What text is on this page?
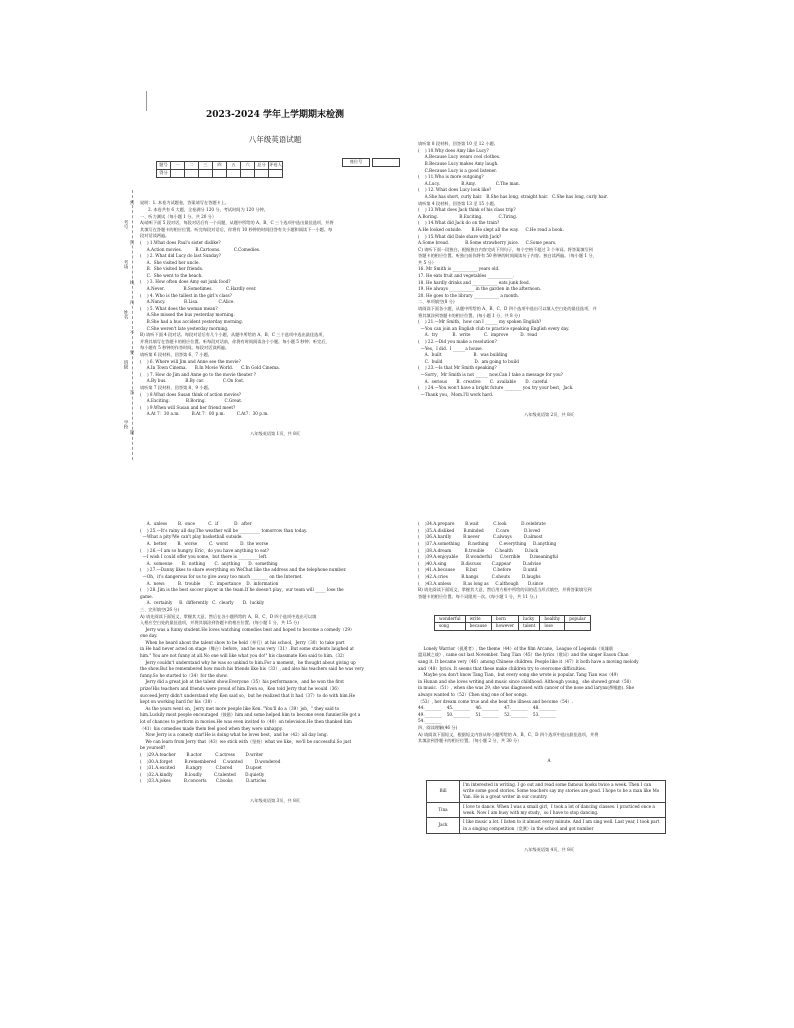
学校
班级
姓名
考场
考号
密
封
线
内
不
要
答
题

2023-2024 学年上学期期末检测

八年级英语试题

题号	一	二	三	四	五	六	总分	评卷人
得分								

座位号	

说明：1. 本卷为试题卷，答案请写在答题卡上。
2. 本卷共有 6 大题，全卷满分 120 分，考试时间为 120 分钟。
一、听力测试（每小题 1 分，共 20 分）
A)请听下面 5 段对话，每段对话后有一个问题，从题中所给的 A、B、C 三个选项中选出最佳选项，并将
其填写在答题卡的相应位置。听完每段对话后，你将有 10 秒钟的时间回答有关小题和阅读下一小题。每
段对话读两遍。
(    ) 1.What does Paul's sister dislike?
A.Action movies.          B.Cartoons.          C.Comedies.
(    ) 2. What did Lucy do last Sunday?
A.  She visited her uncle.
B.  She visited her friends.
C.  She went to the beach.
(    ) 3. How often does Amy eat junk food?
A.Never.              B.Sometimes.          C.Hardly ever.
(    ) 4. Who is the tallest in the girl's class?
A.Nancy.              B.Lisa.               C.Alice.
(    ) 5. What does the woman mean?
A.She missed the bus yesterday morning.
B.She had a bus accident yesterday morning.
C.She weren't late yesterday morning.
B) 请听下面 4 段对话。每段对话后有几个小题，从题中所给的 A、B、C 三个选项中选出最佳选项，
并将其填写在答题卡的相应位置。听每段对话前，你将有时间阅读各个小题，每小题 5 秒钟；听完后，
每小题有 5 秒钟的作答时间。每段对话读两遍。
请听第 6 段材料，回答第 6、7 小题。
(    ) 6. Where will Jim and Anne see the movie?
A.In Town Cinema.      B.In Movie World.      C.In Gold Cinema.
(    ) 7. How do Jim and Anne go to the movie theater ?
A.By bus.              B.By car.              C.On foot.
请听第 7 段材料，回答第 8、9 小题。
(    ) 8.What does Susan think of action movies?
A.Exciting.            B.Boring.              C.Great.
(    ) 9.When will Susan and her friend meet?
A.At 7：30 a.m.         B.At 7：00 p.m.         C.At7：30 p.m.

八年级英语第 1页，共 8页

请听第 8 段材料，回答第 10 至 12 小题。
(    ) 10.Why does Amy like Lucy?
A.Because Lucy wears cool clothes.
B.Because Lucy makes Amy laugh.
C.Because Lucy is a good listener.
(    ) 11.Who is more outgoing?
A.Lucy.                B.Amy.               C.The man.
(    ) 12. What does Lucy look like?
A.She has short, curly hair.   B.She has long, straight hair.   C.She has long, curly hair.
请听第 4 段材料，回答第 13 至 15 小题。
(    ) 13.What does Jack think of his class trip?
A.Boring.                B.Exciting.            C.Tiring.
(    ) 14.What did Jack do on the train?
A.He looked outside.       B.He slept all the way.     C.He read a book.
(    ) 15.What did Dale share with Jack?
A.Some bread.            B.Some strawberry juice.     C.Some pears.
C) 请听下面一段独白，根据独白内容完成下列句子，每个空格不超过 3 个单词。将答案填写到
答题卡的相应位置。听独白前你将有 50 秒钟的时间阅读句子内容。独白读两遍。（每小题 1 分，
共 5 分）
16. Mr Smith is ____________ years old.
17. He eats fruit and vegetables ____________.
18. He hardly drinks and ____________ eats junk food.
19. He always ____________ in the garden in the afternoon.
20. He goes to the library ____________ a month.
二、单项填空(8 分)
请阅读下面各小题，从题中所给的 A、B、C、D 四个选项中选出可以填入空白处的最佳选项，并
将其填涂到答题卡的相应位置。(每小题 1 分，共 8 分)
(    ) 21.—Mr Smith，how can I ______ my spoken English?
—You can join an English club to practice speaking English every day.
A.  try           B.  write          C.  improve         D.  read
(    ) 22.—Did you make a resolution?
—Yes，I did.  I ______a house.
A.  built                        B.  was building
C.  build                        D.  am going to build
(    ) 23.—Is that Mr Smith speaking?
—Sorry，Mr Smith is not ______ now.Can I take a message for you?
A.  serious       B.  creative       C.  available       D.  careful
(    ) 24.—You won't have a bright future ________ you try your best，Jack.
—Thank you，Mom.I'll work hard.

八年级英语第 2页，共 8页

A.  unless        B.  once          C.  if            D.  after
(    ) 25.—It's rainy all day.The weather will be __________ tomorrow than today.
—What a pity!We can't play basketball outside.
A.  better        B.  worse         C.  worst         D.  the worse
(    ) 26.—I am so hungry. Eric，do you have anything to eat?
—I wish I could offer you some，but there is __________left.
A.  someone       B.  nothing       C.  anything      D.  something
(    ) 27.—Danny likes to share everything on WeChat like the address and the telephone number.
—Oh，it's dangerous for us to give away too much ________ on the Internet.
A.  news          B.  trouble       C.  importance    D.  information
(    ) 28. Jim is the best soccer player in the team.If he doesn't play，our team will _____ lose the
game.
A.  certainly     B.  differently   C.  clearly       D.  luckily
三、完形填空(26 分)
A) 请先阅读下面短文，掌握其大意，然后在各小题所给的 A、B、C、D 四个选项中选出可以填
入相应空白处的最佳选项，并将其填涂到答题卡的相应位置。(每小题 1 分，共 15 分)
Jerry was a funny student.He loves watching comedies best and hoped to become a comedy（29）
one day.
When he heard about the talent show to be held（举行）at his school，Jerry（30）to take part
in He had never acted on stage（舞台）before，and he was very（31）.But some students laughed at
him." You are not funny at all.No one will like what you do!" his classmate Ken said to him.（32）
Jerry couldn't understand why he was so unkind to him.For a moment，he thought about giving up
the show.But he remembered how much his friends like his（33）, and also his teachers said he was very
funny.So he started to（34）for the show.
Jerry did a great job at the talent show.Everyone（35）his performance，and he won the first
prize!His teachers and friends were proud of him.Even so，Ken told Jerry that he would（36）
succeed.Jerry didn't understand why Ken said so，but he realized that it had（37）to do with him.He
kept on working hard for his（38）.
As the years went on，Jerry met more people like Ken. "You'll do a（39）job，" they said to
him.Luckily most people encouraged（鼓励）him and some helped him to become even funnier.He got a
lot of chances to perform in movies.He was even invited to（40）on television.He then thanked him
（41）his comedies made them feel good when they were unhappy.
Now Jerry is a comedy star!He is doing what he loves best，and he（42）all day long.
We can learn from Jerry that（43）we stick with（坚持）what we like，we'll be successful.So just
be yourself!
(    )29.A.teacher        B.actor          C.actress        D.writer
(    )30.A.forget         B.remembered     C.wanted         D.wondered
(    )31.A.excited        B.angry          C.bored          D.upset
(    )32.A.kindly         B.loudly         C.talented       D.quietly
(    )33.A.jokes          B.concerts       C.books          D.articles

八年级英语第 3页，共 8页

(    )34.A.prepare        B.wait           C.look           D.celebrate
(    )35.A.disliked       B.minded         C.care           D.loved
(    )36.A.hardly         B.never          C.always         D.almost
(    )37.A.something      B.nothing        C.everything     D.anything
(    )38.A.dream          B.trouble        C.health         D.luck
(    )39.A.enjoyable      B.wonderful      C.terrible       D.meaningful
(    )40.A.sing           B.discuss        C.appear         D.advise
(    )41.A.because        B.but            C.before         D.until
(    )42.A.cries          B.hangs          C.shouts         D.laughs
(    )43.A.unless         B.as long as     C.although       D.since
B) 请先阅读下面短文，掌握其大意，然后用方框中所给的词的适当形式填空，并将答案填写到
答题卡的相应位置。每个词限用一次。(每小题 1 分，共 11 分。)

wonderful	write	born	lucky	healthy	popular
song	because	however	talent	lose	

Lonely Warrior（孤勇者）, the theme（44）of the film Arcane，League of Legends《英雄联
盟双城之战》, came out last November. Tang Tian（45）the lyrics（歌词）and the singer Eason Chan
sang it. It became very（46）among Chinese children. People like it（47）it both have a moving melody
and（48）lyrics. It seems that these make children try to overcome difficulties.
Maybe you don't know Tang Tian，but every song she wrote is popular. Tang Tian was（49）
in Hunan and she loves writing and music since childhood. Although young，she showed great（50）
in music.（51）, when she was 29, she was diagnosed with cancer of the nose and larynx(鼻喉癌). She
always wanted to（52）Chen sing one of her songs.
（53）, her dream come true and she beat the illness and become（54）.
44.________    45.________    46.________    47.________    48.________
49.________    50.________    51.________    52.________    53.________
54.________
四、阅读理解(46 分)
A) 请阅读下面短文，根据短文内容从每小题所给的 A、B、C、D 四个选项中选出最佳选项，并将
其填涂到答题卡的相应位置。（每小题 2 分，共 30 分）

A

Bill	I'm interested in writing. I go out and read some famous books twice a week. Then I can write some good stories. Some teachers say my stories are good. I hope to be a man like Mo Yan. He is a great writer in our country.
Tina	I love to dance. When I was a small girl，I took a lot of dancing classes. I practiced once a week. Now I am busy with my study，so I have to stop dancing.
Jack	I like music a lot. I listen to it almost every minute. And I am sing well. Last year, I took part in a singing competition（竞赛）in the school and got number

八年级英语第 4页，共 8页
